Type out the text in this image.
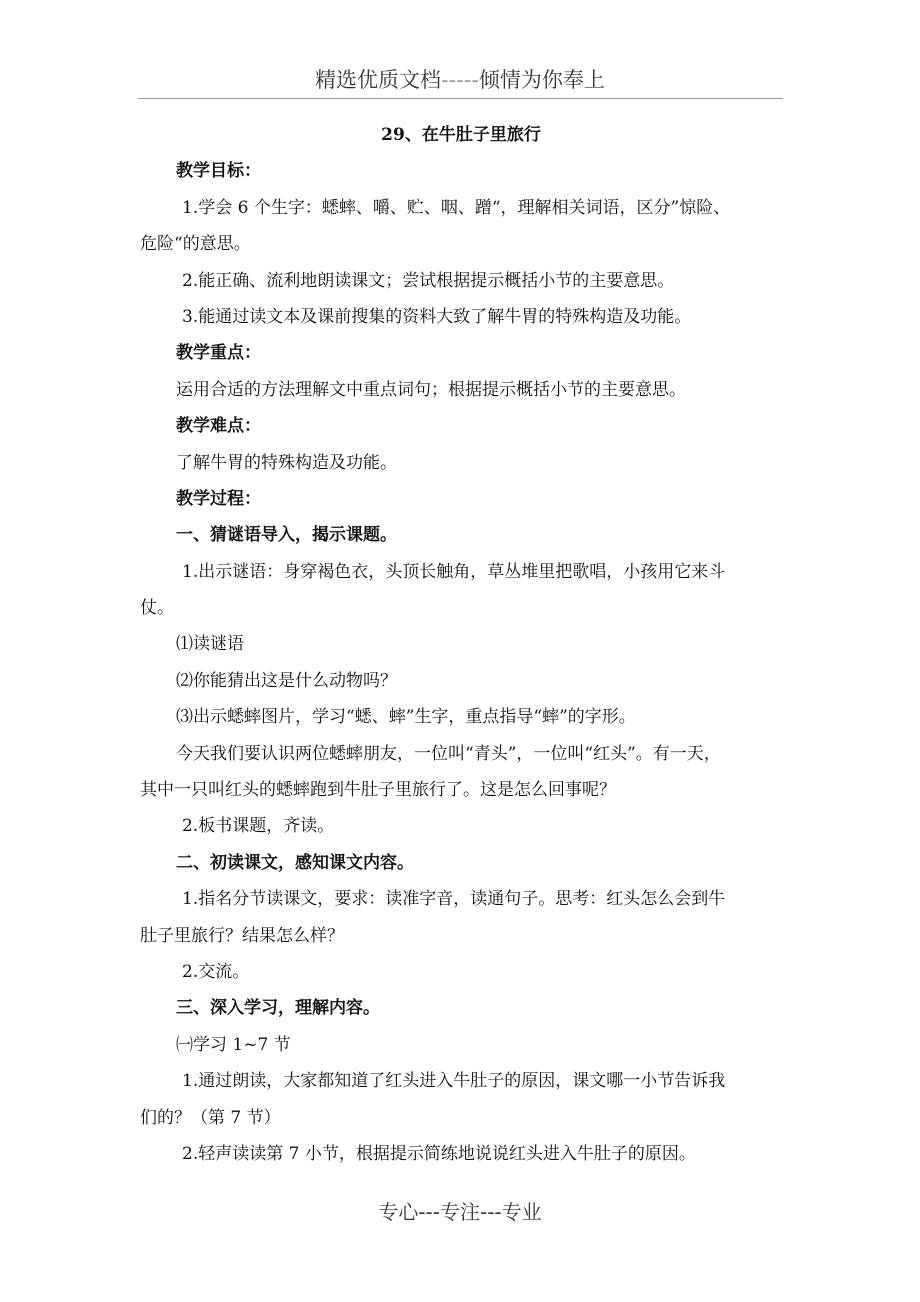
精选优质文档-----倾情为你奉上
29、在牛肚子里旅行
教学目标：
1.学会 6 个生字：蟋蟀、嚼、贮、咽、蹭“，理解相关词语，区分”惊险、
危险“的意思。
2.能正确、流利地朗读课文；尝试根据提示概括小节的主要意思。
3.能通过读文本及课前搜集的资料大致了解牛胃的特殊构造及功能。
教学重点：
运用合适的方法理解文中重点词句；根据提示概括小节的主要意思。
教学难点：
了解牛胃的特殊构造及功能。
教学过程：
一、猜谜语导入，揭示课题。
1.出示谜语：身穿褐色衣，头顶长触角，草丛堆里把歌唱，小孩用它来斗
仗。
⑴读谜语
⑵你能猜出这是什么动物吗？
⑶出示蟋蟀图片，学习“蟋、蟀”生字，重点指导“蟀”的字形。
今天我们要认识两位蟋蟀朋友，一位叫“青头”，一位叫“红头”。有一天，
其中一只叫红头的蟋蟀跑到牛肚子里旅行了。这是怎么回事呢？
2.板书课题，齐读。
二、初读课文，感知课文内容。
1.指名分节读课文，要求：读准字音，读通句子。思考：红头怎么会到牛
肚子里旅行？结果怎么样？
2.交流。
三、深入学习，理解内容。
㈠学习 1~7 节
1.通过朗读，大家都知道了红头进入牛肚子的原因，课文哪一小节告诉我
们的？（第 7 节）
2.轻声读读第 7 小节，根据提示简练地说说红头进入牛肚子的原因。
专心---专注---专业
